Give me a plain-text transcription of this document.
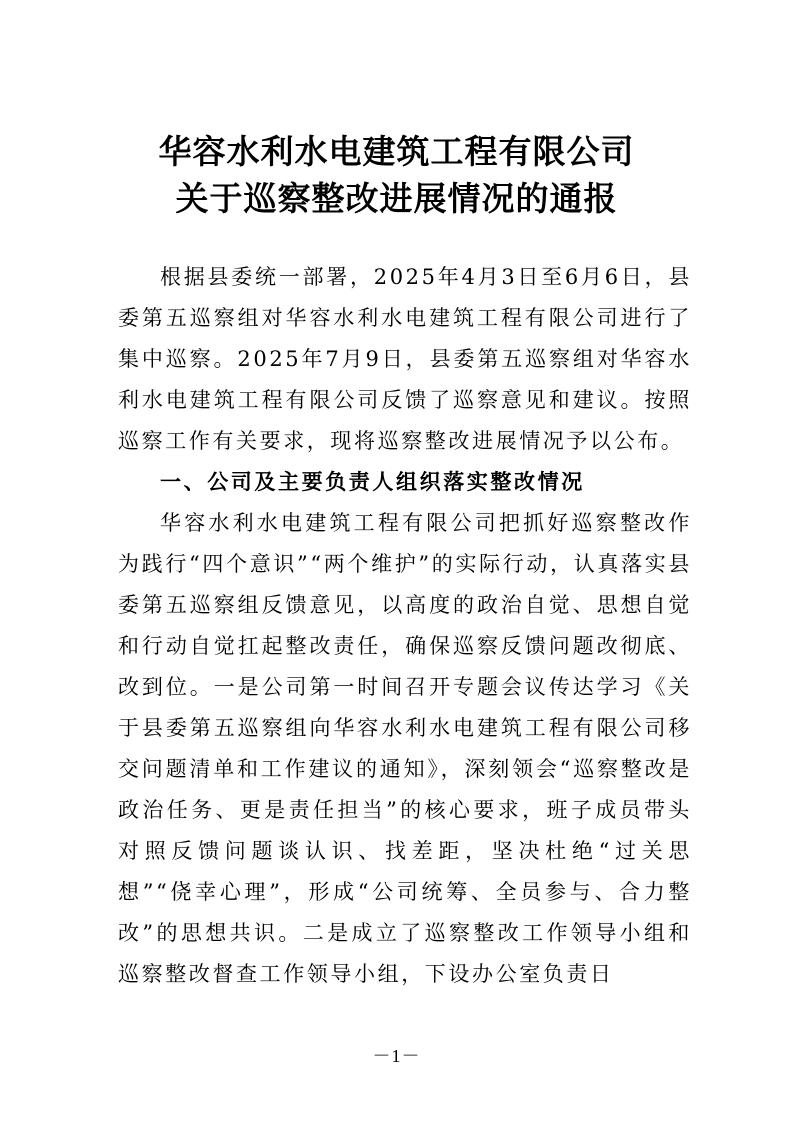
华容水利水电建筑工程有限公司
关于巡察整改进展情况的通报

根据县委统一部署，2025年4月3日至6月6日，县委第五巡察组对华容水利水电建筑工程有限公司进行了集中巡察。2025年7月9日，县委第五巡察组对华容水利水电建筑工程有限公司反馈了巡察意见和建议。按照巡察工作有关要求，现将巡察整改进展情况予以公布。

一、公司及主要负责人组织落实整改情况

华容水利水电建筑工程有限公司把抓好巡察整改作为践行“四个意识”“两个维护”的实际行动，认真落实县委第五巡察组反馈意见，以高度的政治自觉、思想自觉和行动自觉扛起整改责任，确保巡察反馈问题改彻底、改到位。一是公司第一时间召开专题会议传达学习《关于县委第五巡察组向华容水利水电建筑工程有限公司移交问题清单和工作建议的通知》，深刻领会“巡察整改是政治任务、更是责任担当”的核心要求，班子成员带头对照反馈问题谈认识、找差距，坚决杜绝“过关思想”“侥幸心理”，形成“公司统筹、全员参与、合力整改”的思想共识。二是成立了巡察整改工作领导小组和巡察整改督查工作领导小组，下设办公室负责日

－1－
